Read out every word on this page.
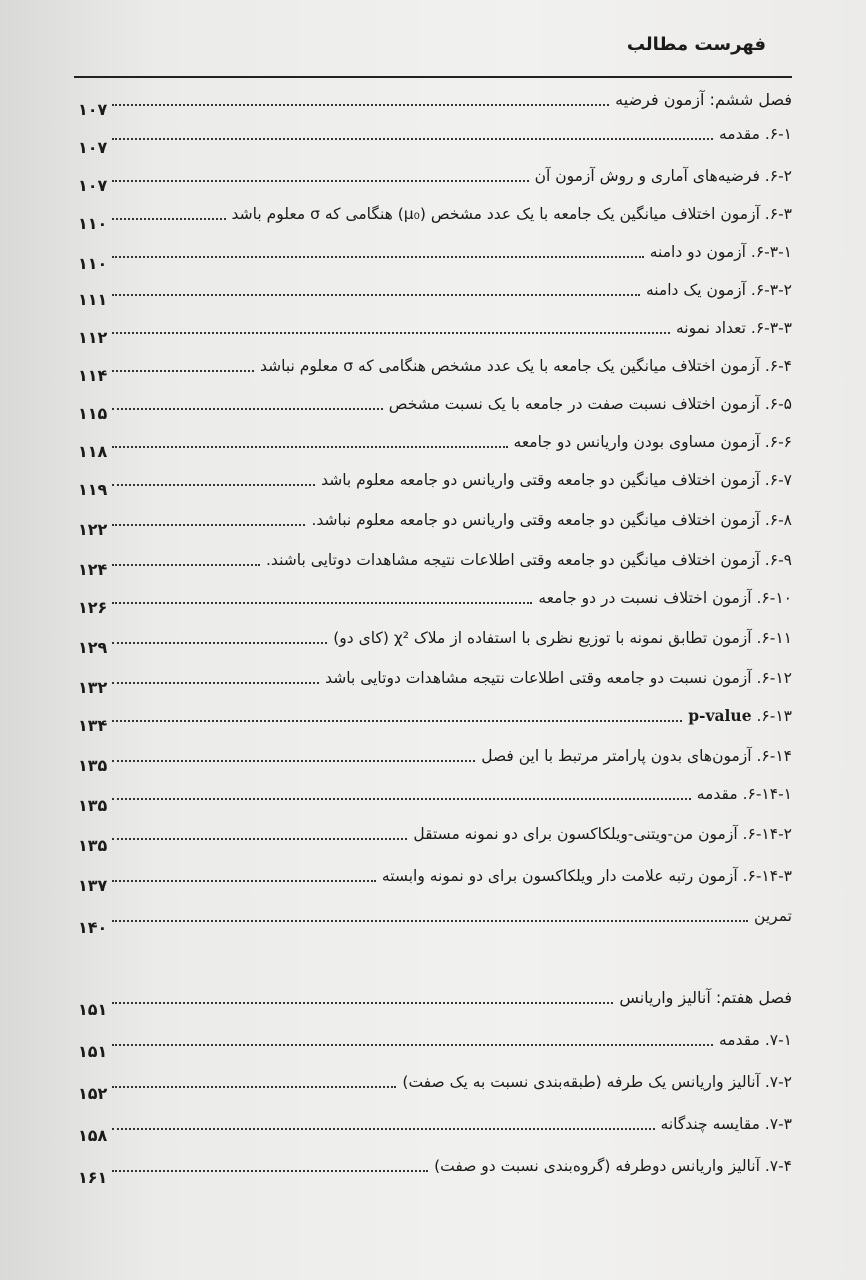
فهرست مطالب
فصل ششم: آزمون فرضیه
۱۰۷
۶-۱. مقدمه
۱۰۷
۶-۲. فرضیه‌های آماری و روش آزمون آن
۱۰۷
۶-۳. آزمون اختلاف میانگین یک جامعه با یک عدد مشخص (μ₀) هنگامی که σ معلوم باشد
۱۱۰
۶-۳-۱. آزمون دو دامنه
۱۱۰
۶-۳-۲. آزمون یک دامنه
۱۱۱
۶-۳-۳. تعداد نمونه
۱۱۲
۶-۴. آزمون اختلاف میانگین یک جامعه با یک عدد مشخص هنگامی که σ معلوم نباشد
۱۱۴
۶-۵. آزمون اختلاف نسبت صفت در جامعه با یک نسبت مشخص
۱۱۵
۶-۶. آزمون مساوی بودن واریانس دو جامعه
۱۱۸
۶-۷. آزمون اختلاف میانگین دو جامعه وقتی واریانس دو جامعه معلوم باشد
۱۱۹
۶-۸. آزمون اختلاف میانگین دو جامعه وقتی واریانس دو جامعه معلوم نباشد.
۱۲۲
۶-۹. آزمون اختلاف میانگین دو جامعه وقتی اطلاعات نتیجه مشاهدات دوتایی باشند.
۱۲۴
۶-۱۰. آزمون اختلاف نسبت در دو جامعه
۱۲۶
۶-۱۱. آزمون تطابق نمونه با توزیع نظری با استفاده از ملاک χ² (کای دو)
۱۲۹
۶-۱۲. آزمون نسبت دو جامعه وقتی اطلاعات نتیجه مشاهدات دوتایی باشد
۱۳۲
۶-۱۳. p-value
۱۳۴
۶-۱۴. آزمون‌های بدون پارامتر مرتبط با این فصل
۱۳۵
۶-۱۴-۱. مقدمه
۱۳۵
۶-۱۴-۲. آزمون من-ویتنی-ویلکاکسون برای دو نمونه مستقل
۱۳۵
۶-۱۴-۳. آزمون رتبه علامت دار ویلکاکسون برای دو نمونه وابسته
۱۳۷
تمرین
۱۴۰
فصل هفتم: آنالیز واریانس
۱۵۱
۷-۱. مقدمه
۱۵۱
۷-۲. آنالیز واریانس یک طرفه (طبقه‌بندی نسبت به یک صفت)
۱۵۲
۷-۳. مقایسه چندگانه
۱۵۸
۷-۴. آنالیز واریانس دوطرفه (گروه‌بندی نسبت دو صفت)
۱۶۱
